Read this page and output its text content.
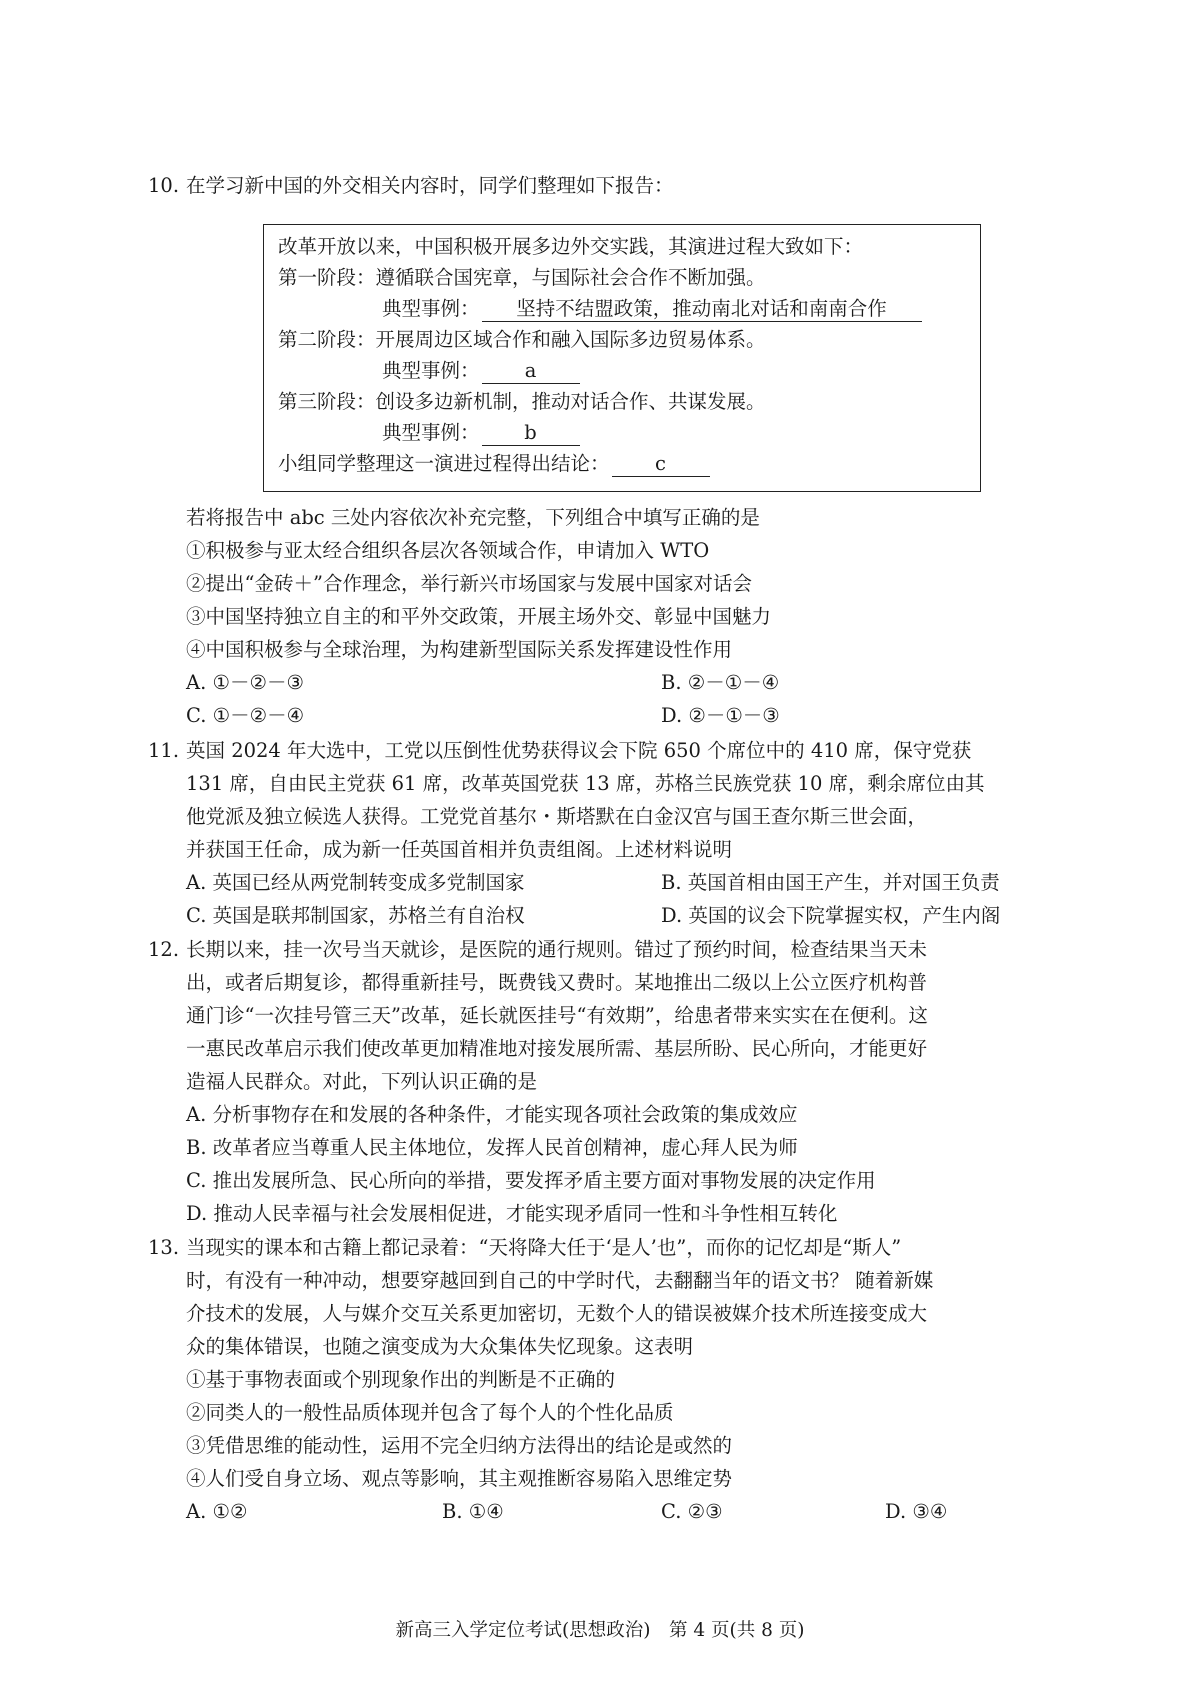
10. 在学习新中国的外交相关内容时，同学们整理如下报告：
改革开放以来，中国积极开展多边外交实践，其演进过程大致如下：
第一阶段：遵循联合国宪章，与国际社会合作不断加强。
典型事例： 坚持不结盟政策，推动南北对话和南南合作
第二阶段：开展周边区域合作和融入国际多边贸易体系。
典型事例： a
第三阶段：创设多边新机制，推动对话合作、共谋发展。
典型事例： b
小组同学整理这一演进过程得出结论： c
若将报告中 abc 三处内容依次补充完整，下列组合中填写正确的是
①积极参与亚太经合组织各层次各领域合作，申请加入 WTO
②提出“金砖＋”合作理念，举行新兴市场国家与发展中国家对话会
③中国坚持独立自主的和平外交政策，开展主场外交、彰显中国魅力
④中国积极参与全球治理，为构建新型国际关系发挥建设性作用
A. ①－②－③	B. ②－①－④
C. ①－②－④	D. ②－①－③
11. 英国 2024 年大选中，工党以压倒性优势获得议会下院 650 个席位中的 410 席，保守党获
131 席，自由民主党获 61 席，改革英国党获 13 席，苏格兰民族党获 10 席，剩余席位由其
他党派及独立候选人获得。工党党首基尔・斯塔默在白金汉宫与国王查尔斯三世会面，
并获国王任命，成为新一任英国首相并负责组阁。上述材料说明
A. 英国已经从两党制转变成多党制国家	B. 英国首相由国王产生，并对国王负责
C. 英国是联邦制国家，苏格兰有自治权	D. 英国的议会下院掌握实权，产生内阁
12. 长期以来，挂一次号当天就诊，是医院的通行规则。错过了预约时间，检查结果当天未
出，或者后期复诊，都得重新挂号，既费钱又费时。某地推出二级以上公立医疗机构普
通门诊“一次挂号管三天”改革，延长就医挂号“有效期”，给患者带来实实在在便利。这
一惠民改革启示我们使改革更加精准地对接发展所需、基层所盼、民心所向，才能更好
造福人民群众。对此，下列认识正确的是
A. 分析事物存在和发展的各种条件，才能实现各项社会政策的集成效应
B. 改革者应当尊重人民主体地位，发挥人民首创精神，虚心拜人民为师
C. 推出发展所急、民心所向的举措，要发挥矛盾主要方面对事物发展的决定作用
D. 推动人民幸福与社会发展相促进，才能实现矛盾同一性和斗争性相互转化
13. 当现实的课本和古籍上都记录着：“天将降大任于‘是人’也”，而你的记忆却是“斯人”
时，有没有一种冲动，想要穿越回到自己的中学时代，去翻翻当年的语文书？ 随着新媒
介技术的发展，人与媒介交互关系更加密切，无数个人的错误被媒介技术所连接变成大
众的集体错误，也随之演变成为大众集体失忆现象。这表明
①基于事物表面或个别现象作出的判断是不正确的
②同类人的一般性品质体现并包含了每个人的个性化品质
③凭借思维的能动性，运用不完全归纳方法得出的结论是或然的
④人们受自身立场、观点等影响，其主观推断容易陷入思维定势
A. ①②	B. ①④	C. ②③	D. ③④
新高三入学定位考试(思想政治)　第 4 页(共 8 页)
